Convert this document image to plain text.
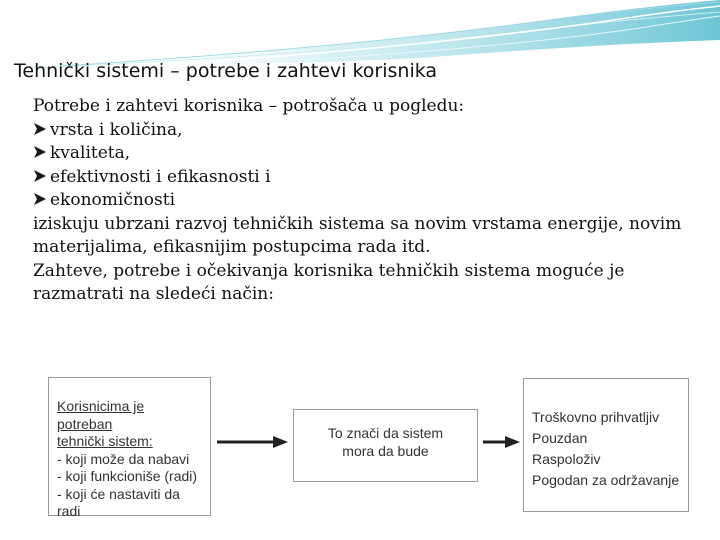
Tehnički sistemi – potrebe i zahtevi korisnika
Potrebe i zahtevi korisnika – potrošača u pogledu:
vrsta i količina,
kvaliteta,
efektivnosti i efikasnosti i
ekonomičnosti
iziskuju ubrzani razvoj tehničkih sistema sa novim vrstama energije, novim materijalima, efikasnijim postupcima rada itd.
Zahteve, potrebe i očekivanja korisnika tehničkih sistema moguće je razmatrati na sledeći način:
Korisnicima je potreban
tehnički sistem:
- koji može da nabavi
- koji funkcioniše (radi)
- koji će nastaviti da radi
To znači da sistem
mora da bude
Troškovno prihvatljiv
Pouzdan
Raspoloživ
Pogodan za održavanje
